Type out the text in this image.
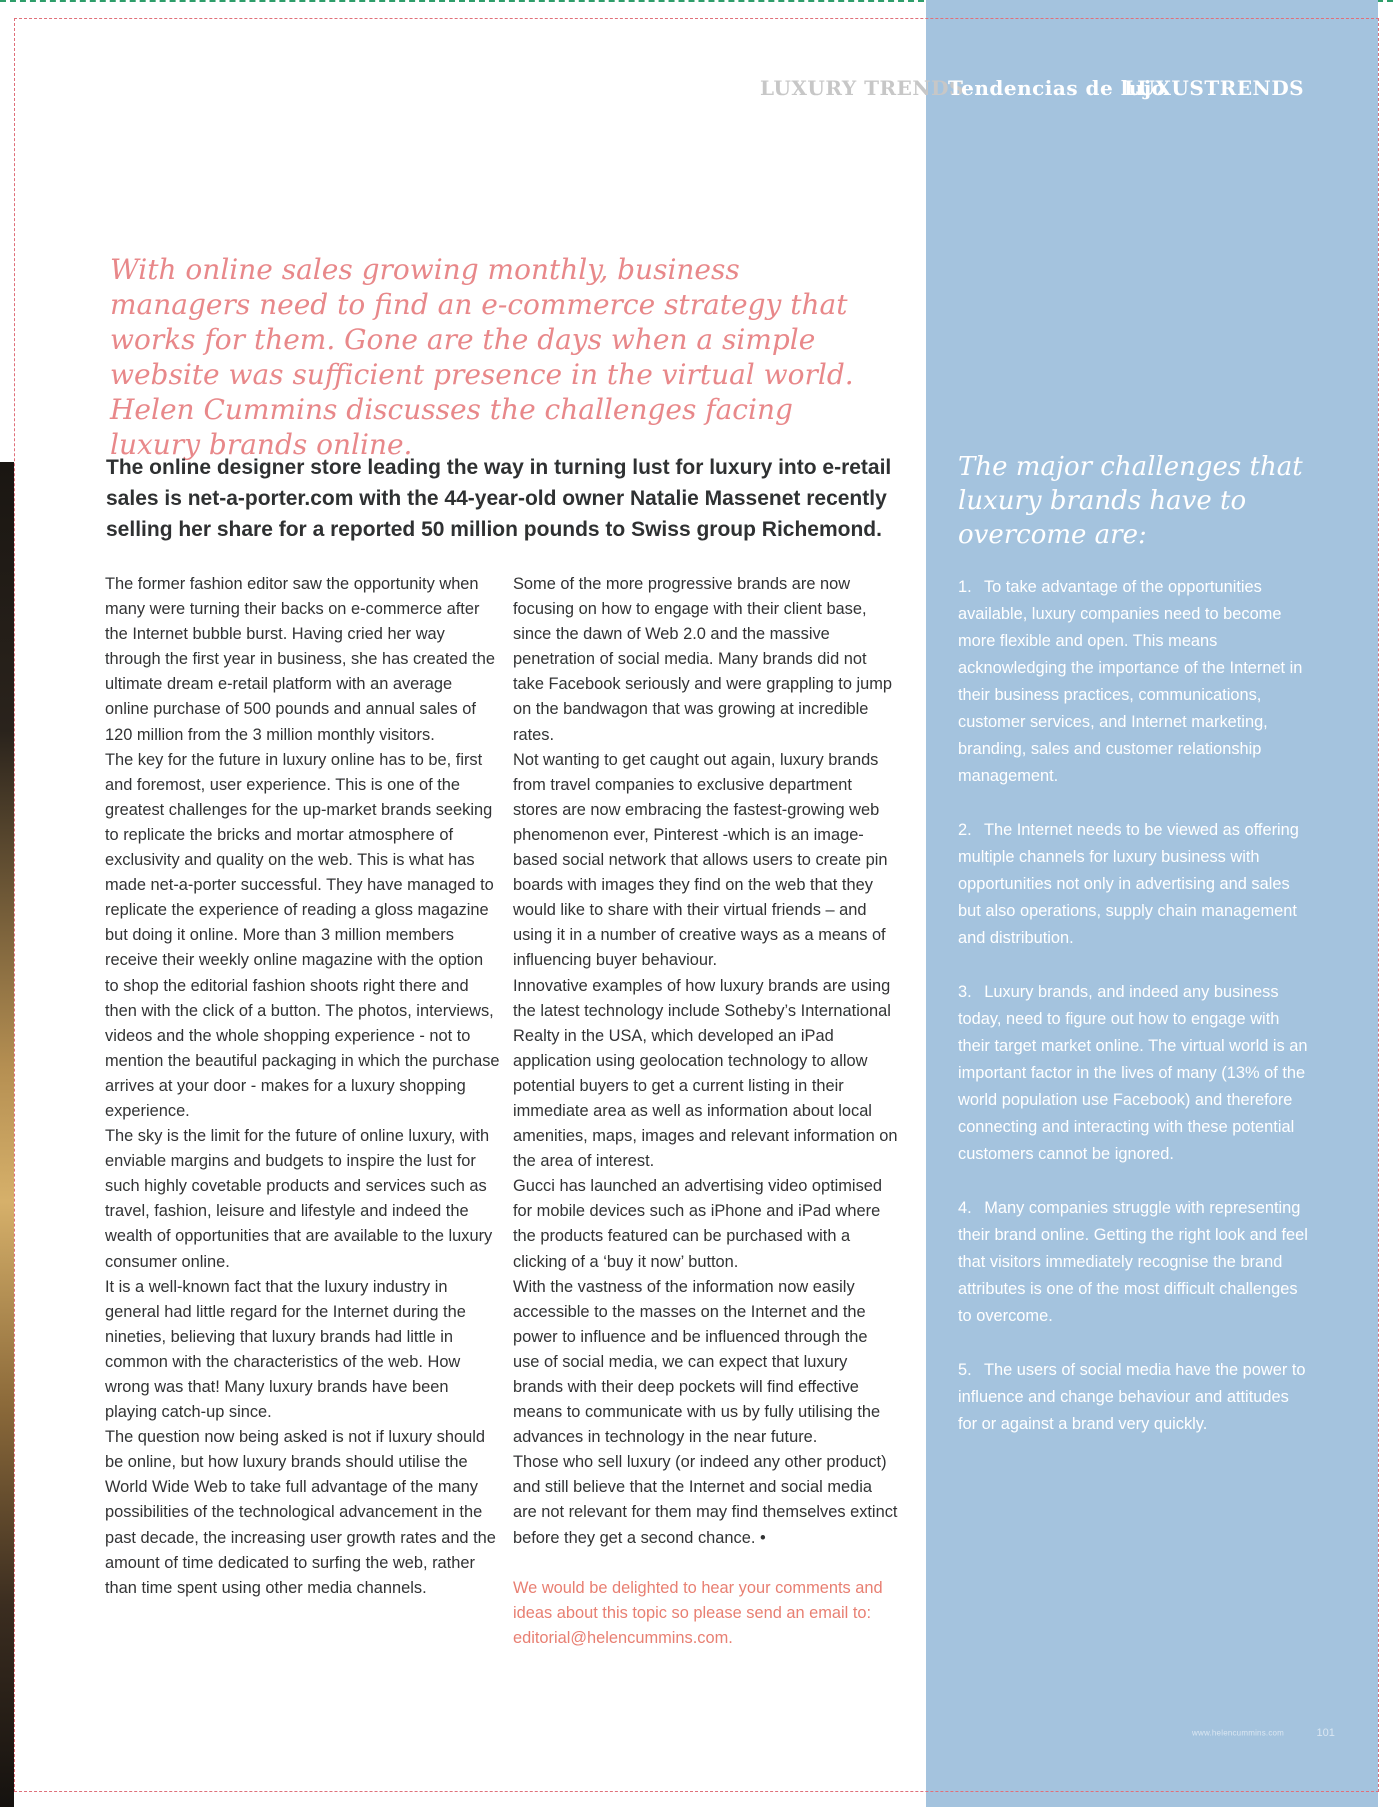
LUXURY TRENDS
Tendencias de lujo
LUXUSTRENDS
With online sales growing monthly, business managers need to find an e-commerce strategy that works for them. Gone are the days when a simple website was sufficient presence in the virtual world. Helen Cummins discusses the challenges facing luxury brands online.
The online designer store leading the way in turning lust for luxury into e-retail sales is net-a-porter.com with the 44-year-old owner Natalie Massenet recently selling her share for a reported 50 million pounds to Swiss group Richemond.

The former fashion editor saw the opportunity when many were turning their backs on e-commerce after the Internet bubble burst. Having cried her way through the first year in business, she has created the ultimate dream e-retail platform with an average online purchase of 500 pounds and annual sales of 120 million from the 3 million monthly visitors.

The key for the future in luxury online has to be, first and foremost, user experience. This is one of the greatest challenges for the up-market brands seeking to replicate the bricks and mortar atmosphere of exclusivity and quality on the web. This is what has made net-a-porter successful. They have managed to replicate the experience of reading a gloss magazine but doing it online. More than 3 million members receive their weekly online magazine with the option to shop the editorial fashion shoots right there and then with the click of a button. The photos, interviews, videos and the whole shopping experience - not to mention the beautiful packaging in which the purchase arrives at your door - makes for a luxury shopping experience.

The sky is the limit for the future of online luxury, with enviable margins and budgets to inspire the lust for such highly covetable products and services such as travel, fashion, leisure and lifestyle and indeed the wealth of opportunities that are available to the luxury consumer online.

It is a well-known fact that the luxury industry in general had little regard for the Internet during the nineties, believing that luxury brands had little in common with the characteristics of the web. How wrong was that! Many luxury brands have been playing catch-up since.

The question now being asked is not if luxury should be online, but how luxury brands should utilise the World Wide Web to take full advantage of the many possibilities of the technological advancement in the past decade, the increasing user growth rates and the amount of time dedicated to surfing the web, rather than time spent using other media channels.

Some of the more progressive brands are now focusing on how to engage with their client base, since the dawn of Web 2.0 and the massive penetration of social media. Many brands did not take Facebook seriously and were grappling to jump on the bandwagon that was growing at incredible rates.

Not wanting to get caught out again, luxury brands from travel companies to exclusive department stores are now embracing the fastest-growing web phenomenon ever, Pinterest -which is an image-based social network that allows users to create pin boards with images they find on the web that they would like to share with their virtual friends – and using it in a number of creative ways as a means of influencing buyer behaviour.

Innovative examples of how luxury brands are using the latest technology include Sotheby’s International Realty in the USA, which developed an iPad application using geolocation technology to allow potential buyers to get a current listing in their immediate area as well as information about local amenities, maps, images and relevant information on the area of interest.

Gucci has launched an advertising video optimised for mobile devices such as iPhone and iPad where the products featured can be purchased with a clicking of a ‘buy it now’ button.

With the vastness of the information now easily accessible to the masses on the Internet and the power to influence and be influenced through the use of social media, we can expect that luxury brands with their deep pockets will find effective means to communicate with us by fully utilising the advances in technology in the near future.

Those who sell luxury (or indeed any other product) and still believe that the Internet and social media are not relevant for them may find themselves extinct before they get a second chance. •

We would be delighted to hear your comments and ideas about this topic so please send an email to: editorial@helencummins.com.

The major challenges that luxury brands have to overcome are:
1. To take advantage of the opportunities available, luxury companies need to become more flexible and open. This means acknowledging the importance of the Internet in their business practices, communications, customer services, and Internet marketing, branding, sales and customer relationship management.
2. The Internet needs to be viewed as offering multiple channels for luxury business with opportunities not only in advertising and sales but also operations, supply chain management and distribution.
3. Luxury brands, and indeed any business today, need to figure out how to engage with their target market online. The virtual world is an important factor in the lives of many (13% of the world population use Facebook) and therefore connecting and interacting with these potential customers cannot be ignored.
4. Many companies struggle with representing their brand online. Getting the right look and feel that visitors immediately recognise the brand attributes is one of the most difficult challenges to overcome.
5. The users of social media have the power to influence and change behaviour and attitudes for or against a brand very quickly.
www.helencummins.com	101
